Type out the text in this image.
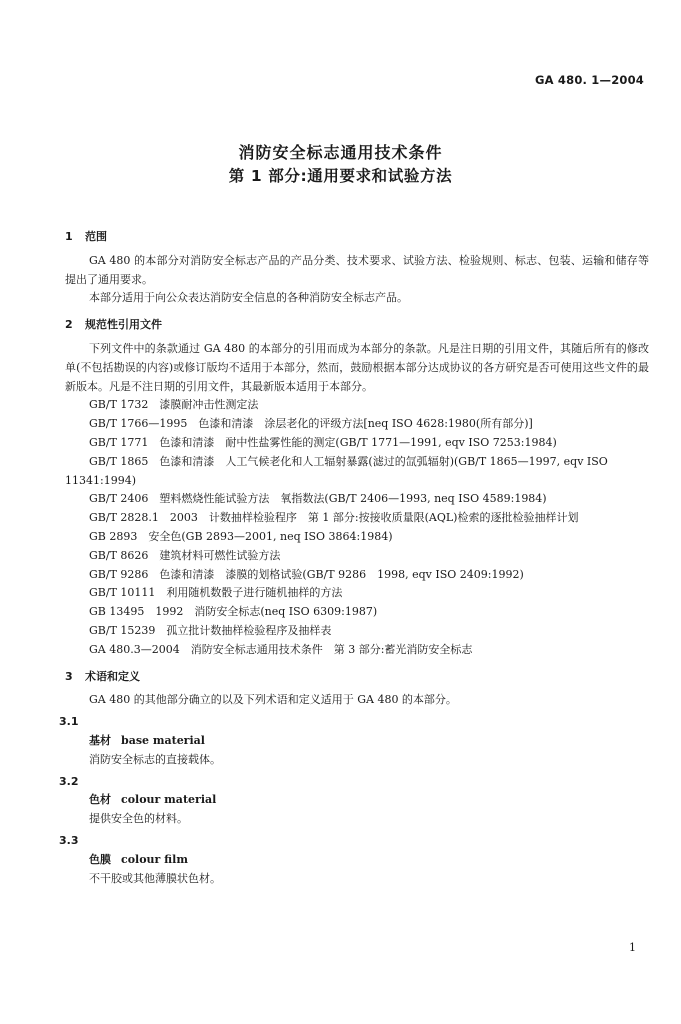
GA 480. 1—2004
消防安全标志通用技术条件
第 1 部分:通用要求和试验方法
1 范围

GA 480 的本部分对消防安全标志产品的产品分类、技术要求、试验方法、检验规则、标志、包装、运输和储存等提出了通用要求。

本部分适用于向公众表达消防安全信息的各种消防安全标志产品。

2 规范性引用文件

下列文件中的条款通过 GA 480 的本部分的引用而成为本部分的条款。凡是注日期的引用文件，其随后所有的修改单(不包括勘误的内容)或修订版均不适用于本部分，然而，鼓励根据本部分达成协议的各方研究是否可使用这些文件的最新版本。凡是不注日期的引用文件，其最新版本适用于本部分。

GB/T 1732　漆膜耐冲击性测定法

GB/T 1766—1995　色漆和清漆　涂层老化的评级方法[neq ISO 4628:1980(所有部分)]

GB/T 1771　色漆和清漆　耐中性盐雾性能的测定(GB/T 1771—1991, eqv ISO 7253:1984)

GB/T 1865　色漆和清漆　人工气候老化和人工辐射暴露(滤过的氙弧辐射)(GB/T 1865—1997, eqv ISO 11341:1994)

GB/T 2406　塑料燃烧性能试验方法　氧指数法(GB/T 2406—1993, neq ISO 4589:1984)

GB/T 2828.1　2003　计数抽样检验程序　第 1 部分:按接收质量限(AQL)检索的逐批检验抽样计划

GB 2893　安全色(GB 2893—2001, neq ISO 3864:1984)

GB/T 8626　建筑材料可燃性试验方法

GB/T 9286　色漆和清漆　漆膜的划格试验(GB/T 9286　1998, eqv ISO 2409:1992)

GB/T 10111　利用随机数骰子进行随机抽样的方法

GB 13495　1992　消防安全标志(neq ISO 6309:1987)

GB/T 15239　孤立批计数抽样检验程序及抽样表

GA 480.3—2004　消防安全标志通用技术条件　第 3 部分:蓄光消防安全标志

3 术语和定义

GA 480 的其他部分确立的以及下列术语和定义适用于 GA 480 的本部分。

3.1

基材 base material

消防安全标志的直接载体。

3.2

色材 colour material

提供安全色的材料。

3.3

色膜 colour film

不干胶或其他薄膜状色材。

1
